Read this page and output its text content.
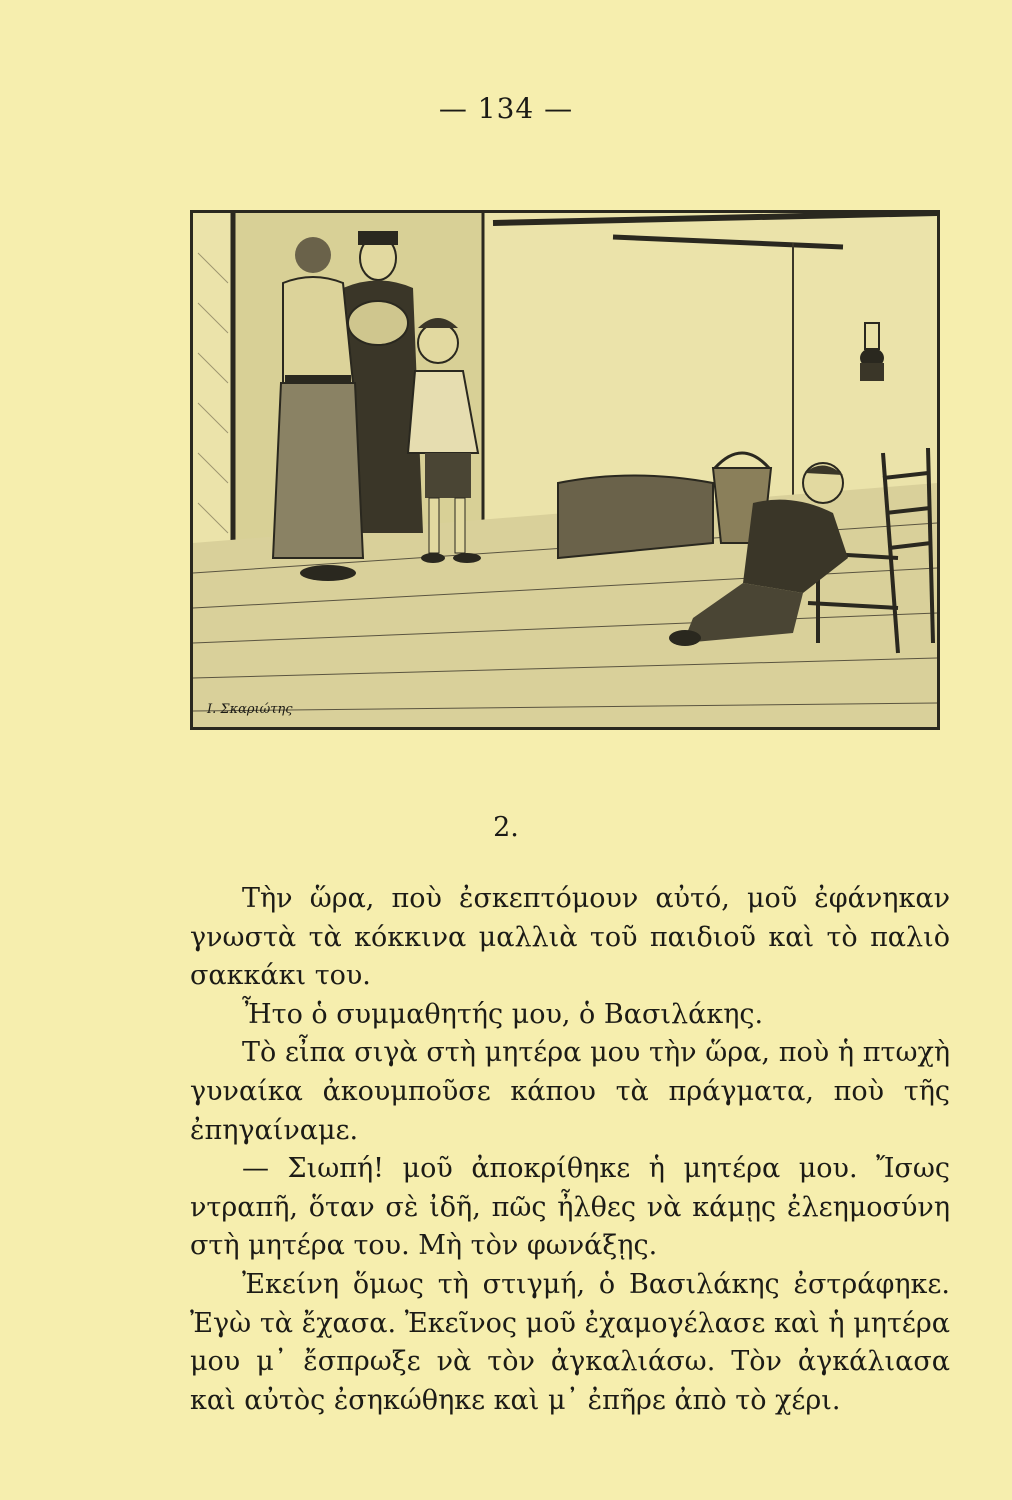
— 134 —
Ι. Σκαριώτης
2.

Τὴν ὥρα, ποὺ ἐσκεπτόμουν αὐτό, μοῦ ἐφάνηκαν γνωστὰ τὰ κόκκινα μαλλιὰ τοῦ παιδιοῦ καὶ τὸ παλιὸ σακκάκι του.

Ἦτο ὁ συμμαθητής μου, ὁ Βασιλάκης.

Τὸ εἶπα σιγὰ στὴ μητέρα μου τὴν ὥρα, ποὺ ἡ πτωχὴ γυναίκα ἀκουμποῦσε κάπου τὰ πράγματα, ποὺ τῆς ἐπηγαίναμε.

— Σιωπή! μοῦ ἀποκρίθηκε ἡ μητέρα μου. Ἴσως ντραπῆ, ὅταν σὲ ἰδῆ, πῶς ἦλθες νὰ κάμῃς ἐλεημοσύνη στὴ μητέρα του. Μὴ τὸν φωνάξῃς.

Ἐκείνη ὅμως τὴ στιγμή, ὁ Βασιλάκης ἐστράφηκε. Ἐγὼ τὰ ἔχασα. Ἐκεῖνος μοῦ ἐχαμογέλασε καὶ ἡ μητέρα μου μ᾽ ἔσπρωξε νὰ τὸν ἀγκαλιάσω. Τὸν ἀγκάλιασα καὶ αὐτὸς ἐσηκώθηκε καὶ μ᾽ ἐπῆρε ἀπὸ τὸ χέρι.
